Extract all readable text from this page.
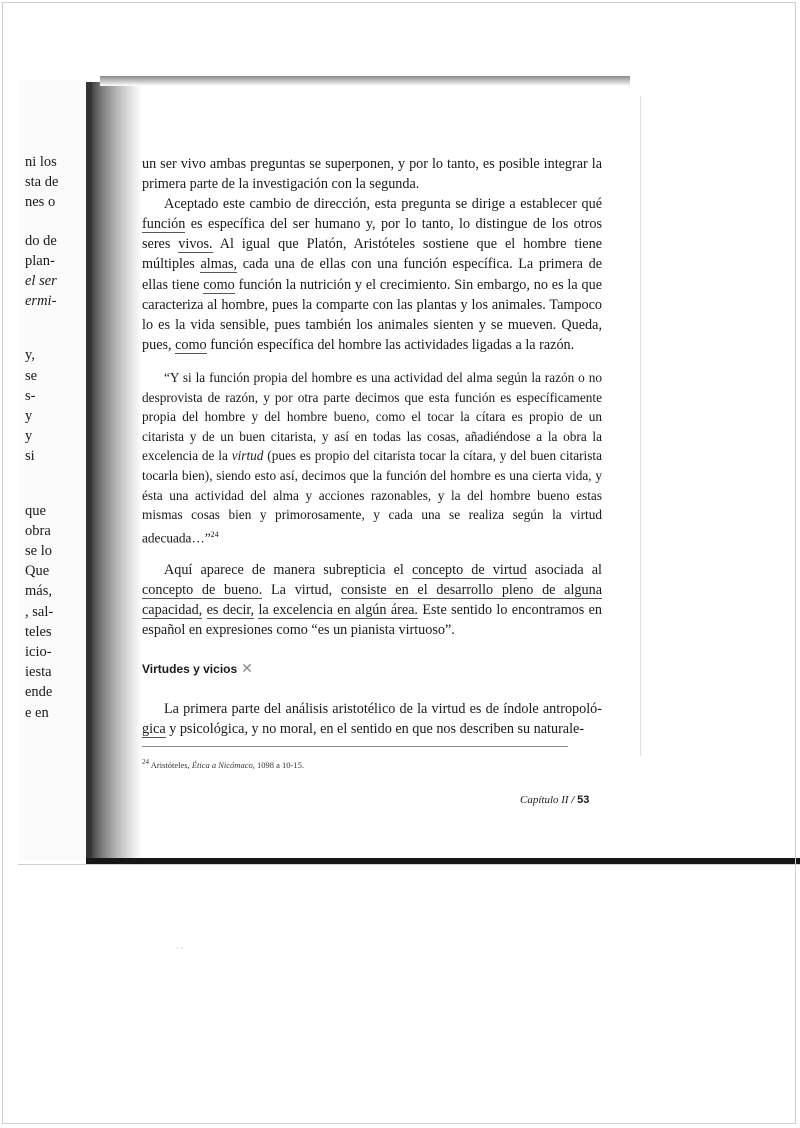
ni los
sta de
nes o
do de
plan-
el ser
ermi-
y,
se
s-
y
y
si
que
obra
se lo
Que
más,
, sal-
teles
icio-
iesta
ende
e en

un ser vivo ambas preguntas se superponen, y por lo tanto, es posible integrar la primera parte de la investigación con la segunda.

Aceptado este cambio de dirección, esta pregunta se dirige a establecer qué función es específica del ser humano y, por lo tanto, lo distingue de los otros seres vivos. Al igual que Platón, Aristóteles sostiene que el hombre tiene múltiples almas, cada una de ellas con una función específica. La primera de ellas tiene como función la nutrición y el crecimiento. Sin embargo, no es la que caracteriza al hombre, pues la comparte con las plantas y los animales. Tampoco lo es la vida sensible, pues también los animales sienten y se mueven. Queda, pues, como función específica del hombre las actividades ligadas a la razón.

“Y si la función propia del hombre es una actividad del alma según la razón o no desprovista de razón, y por otra parte decimos que esta función es específicamente propia del hombre y del hombre bueno, como el tocar la cítara es propio de un citarista y de un buen citarista, y así en todas las cosas, añadiéndose a la obra la excelencia de la virtud (pues es propio del citarista tocar la cítara, y del buen citarista tocarla bien), siendo esto así, decimos que la función del hombre es una cierta vida, y ésta una actividad del alma y acciones razonables, y la del hombre bueno estas mismas cosas bien y primorosamente, y cada una se realiza según la virtud adecuada…”$^{24}$

Aquí aparece de manera subrepticia el concepto de virtud asociada al concepto de bueno. La virtud, consiste en el desarrollo pleno de alguna capacidad, es decir, la excelencia en algún área. Este sentido lo encontramos en español en expresiones como “es un pianista virtuoso”.

Virtudes y vicios ✕

La primera parte del análisis aristotélico de la virtud es de índole antropoló-gica y psicológica, y no moral, en el sentido en que nos describen su naturale-

$^{24}$ Aristóteles, Ética a Nicómaco, 1098 a 10-15.
Capítulo II / 53
· ·
